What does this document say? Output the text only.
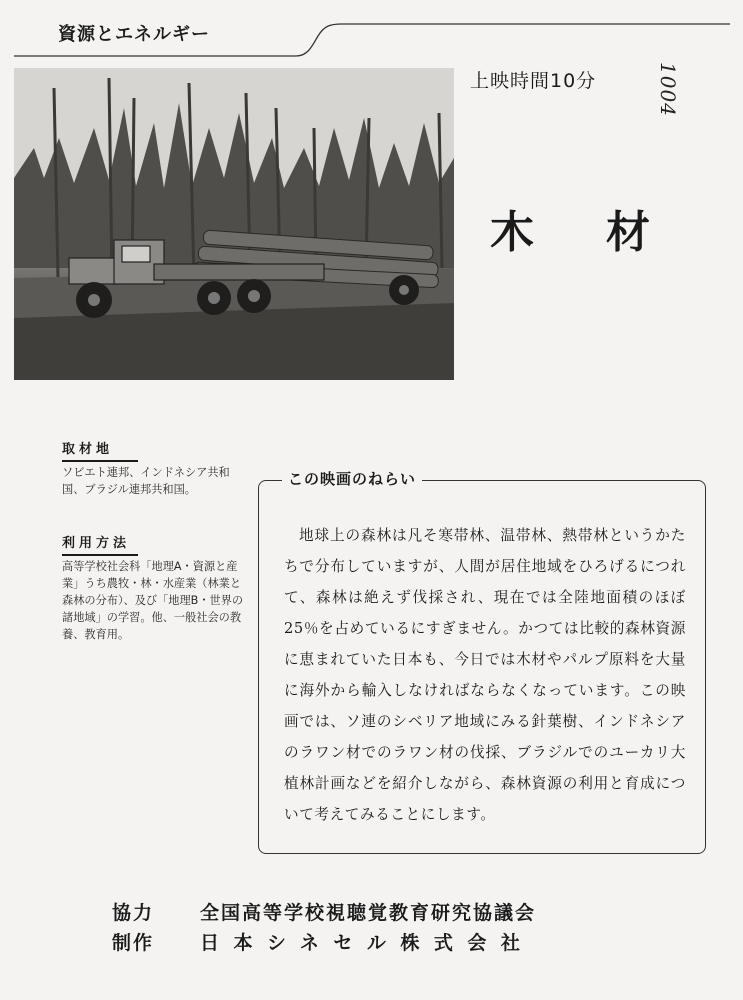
資源とエネルギー
1004
上映時間10分
木材
取材地
ソビエト連邦、インドネシア共和国、ブラジル連邦共和国。
利用方法
高等学校社会科「地理A・資源と産業」うち農牧・林・水産業（林業と森林の分布）、及び「地理B・世界の諸地域」の学習。他、一般社会の教養、教育用。
この映画のねらい
地球上の森林は凡そ寒帯林、温帯林、熱帯林というかたちで分布していますが、人間が居住地域をひろげるにつれて、森林は絶えず伐採され、現在では全陸地面積のほぼ25％を占めているにすぎません。かつては比較的森林資源に恵まれていた日本も、今日では木材やパルプ原料を大量に海外から輸入しなければならなくなっています。この映画では、ソ連のシベリア地域にみる針葉樹、インドネシアのラワン材でのラワン材の伐採、ブラジルでのユーカリ大植林計画などを紹介しながら、森林資源の利用と育成について考えてみることにします。
協力	全国高等学校視聴覚教育研究協議会
制作	日本シネセル株式会社
